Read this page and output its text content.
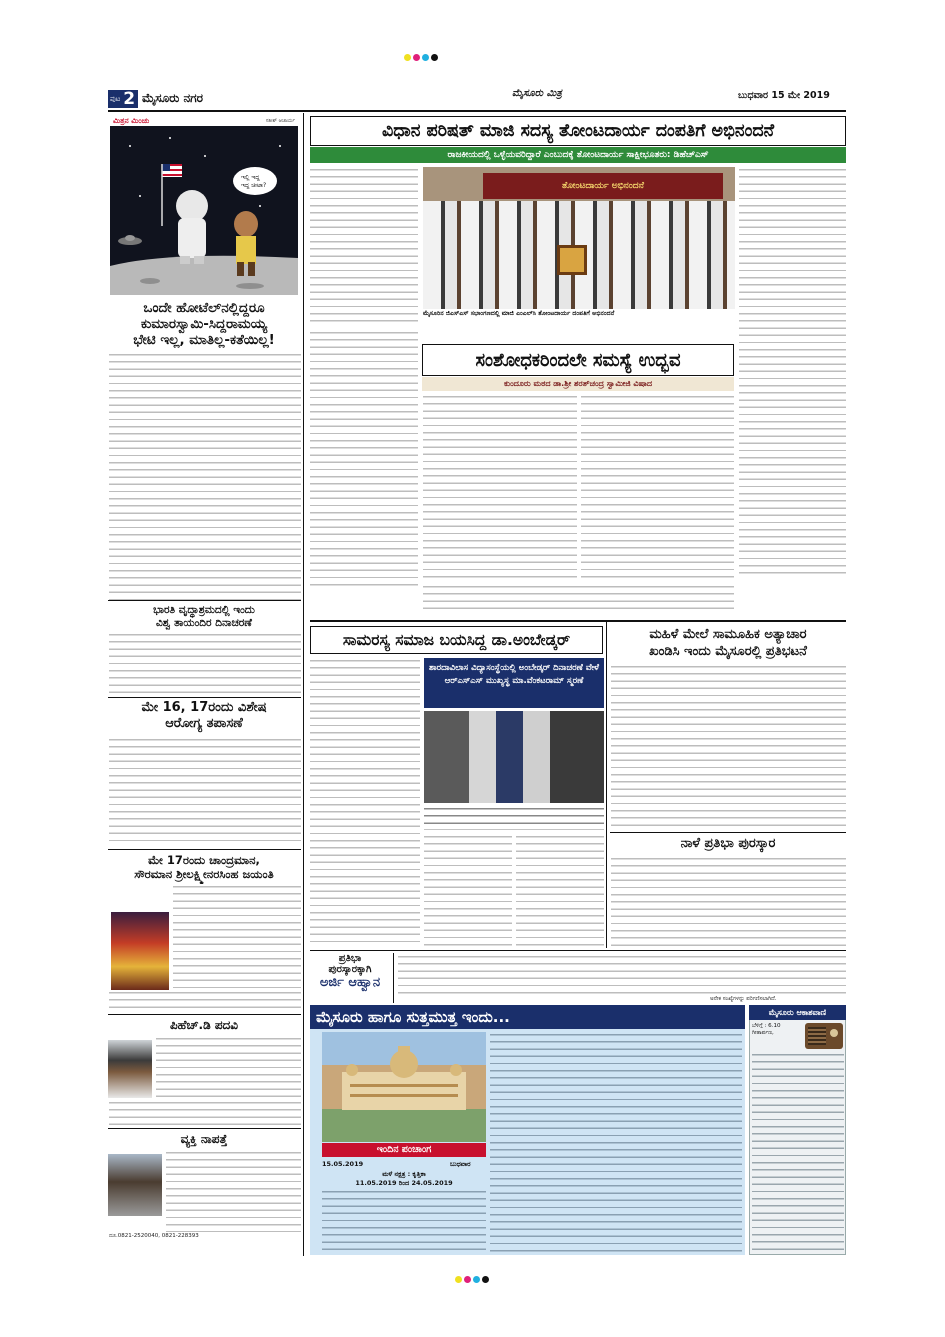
ಪುಟ 2 ಮೈಸೂರು ನಗರ	ಮೈಸೂರು ಮಿತ್ರ	ಬುಧವಾರ 15 ಮೇ 2019
ಮಿತ್ರನ ಮಿಂಚು	ಸತೀಶ್ ಆಚಾರ್ಯ
ಇಲ್ಲಿ ಇದ್ದ
ಇದ್ದ ಚೀಟಾ?
ಒಂದೇ ಹೋಟೆಲ್‌ನಲ್ಲಿದ್ದರೂ
ಕುಮಾರಸ್ವಾಮಿ-ಸಿದ್ದರಾಮಯ್ಯ
ಭೇಟಿ ಇಲ್ಲ, ಮಾತಿಲ್ಲ-ಕತೆಯಿಲ್ಲ!
ಭಾರತಿ ವೃದ್ಧಾಶ್ರಮದಲ್ಲಿ ಇಂದು
ವಿಶ್ವ ತಾಯಂದಿರ ದಿನಾಚರಣೆ
ಮೇ 16, 17ರಂದು ವಿಶೇಷ
ಆರೋಗ್ಯ ತಪಾಸಣೆ
ಮೇ 17ರಂದು ಚಾಂದ್ರಮಾನ,
ಸೌರಮಾನ ಶ್ರೀಲಕ್ಷ್ಮೀನರಸಿಂಹ ಜಯಂತಿ
ಪಿಹೆಚ್.ಡಿ ಪದವಿ
ವ್ಯಕ್ತಿ ನಾಪತ್ತೆ
ದೂ.0821-2520040, 0821-228393
ವಿಧಾನ ಪರಿಷತ್ ಮಾಜಿ ಸದಸ್ಯ ತೋಂಟದಾರ್ಯ ದಂಪತಿಗೆ ಅಭಿನಂದನೆ
ರಾಜಕೀಯದಲ್ಲಿ ಒಳ್ಳೆಯವರಿದ್ದಾರೆ ಎಂಬುದಕ್ಕೆ ತೋಂಟದಾರ್ಯ ಸಾಕ್ಷೀಭೂತರು: ಡಿಹೆಚ್‌ಎಸ್
ತೋಂಟದಾರ್ಯ ಅಭಿನಂದನೆ
ಮೈಸೂರಿನ ಜಿಎಸ್‌ಎಸ್ ಸಭಾಂಗಣದಲ್ಲಿ ಮಾಜಿ ಎಂಎಲ್‌ಸಿ ತೋಂಟದಾರ್ಯ ದಂಪತಿಗೆ ಅಭಿನಂದನೆ
ಸಂಶೋಧಕರಿಂದಲೇ ಸಮಸ್ಯೆ ಉದ್ಭವ
ಕುಂದೂರು ಮಠದ ಡಾ.ಶ್ರೀ ಶರತ್‌ಚಂದ್ರ ಸ್ವಾಮೀಜಿ ವಿಷಾದ
ಸಾಮರಸ್ಯ ಸಮಾಜ ಬಯಸಿದ್ದ ಡಾ.ಅಂಬೇಡ್ಕರ್
ಶಾರದಾವಿಲಾಸ ವಿದ್ಯಾಸಂಸ್ಥೆಯಲ್ಲಿ ಅಂಬೇಡ್ಕರ್ ದಿನಾಚರಣೆ ವೇಳೆ ಆರ್‌ಎಸ್‌ಎಸ್ ಮುಖ್ಯಸ್ಥ ಮಾ.ವೆಂಕಟರಾಮ್ ಸ್ಮರಣೆ
ಮಹಿಳೆ ಮೇಲೆ ಸಾಮೂಹಿಕ ಅತ್ಯಾಚಾರ
ಖಂಡಿಸಿ ಇಂದು ಮೈಸೂರಲ್ಲಿ ಪ್ರತಿಭಟನೆ
ನಾಳೆ ಪ್ರತಿಭಾ ಪುರಸ್ಕಾರ
ಪ್ರತಿಭಾ
ಪುರಸ್ಕಾರಕ್ಕಾಗಿ
ಅರ್ಜಿ ಆಹ್ವಾನ
ಅನೇಕ ಸಂಖ್ಯೆಗಳನ್ನು ಪರಿಗಣಿಸಲಾಗಿದೆ.
ಮೈಸೂರು ಹಾಗೂ ಸುತ್ತಮುತ್ತ ಇಂದು...
ಇಂದಿನ ಪಂಚಾಂಗ
15.05.2019	ಬುಧವಾರ
ಮಳೆ ನಕ್ಷತ್ರ : ಕೃತ್ತಿಕಾ
11.05.2019 ರಿಂದ 24.05.2019
ಮೈಸೂರು ಆಕಾಶವಾಣಿ
ಬೆಳಿಗ್ಗೆ : 6.10 ಗೀತಾರ್ಪಣ,
